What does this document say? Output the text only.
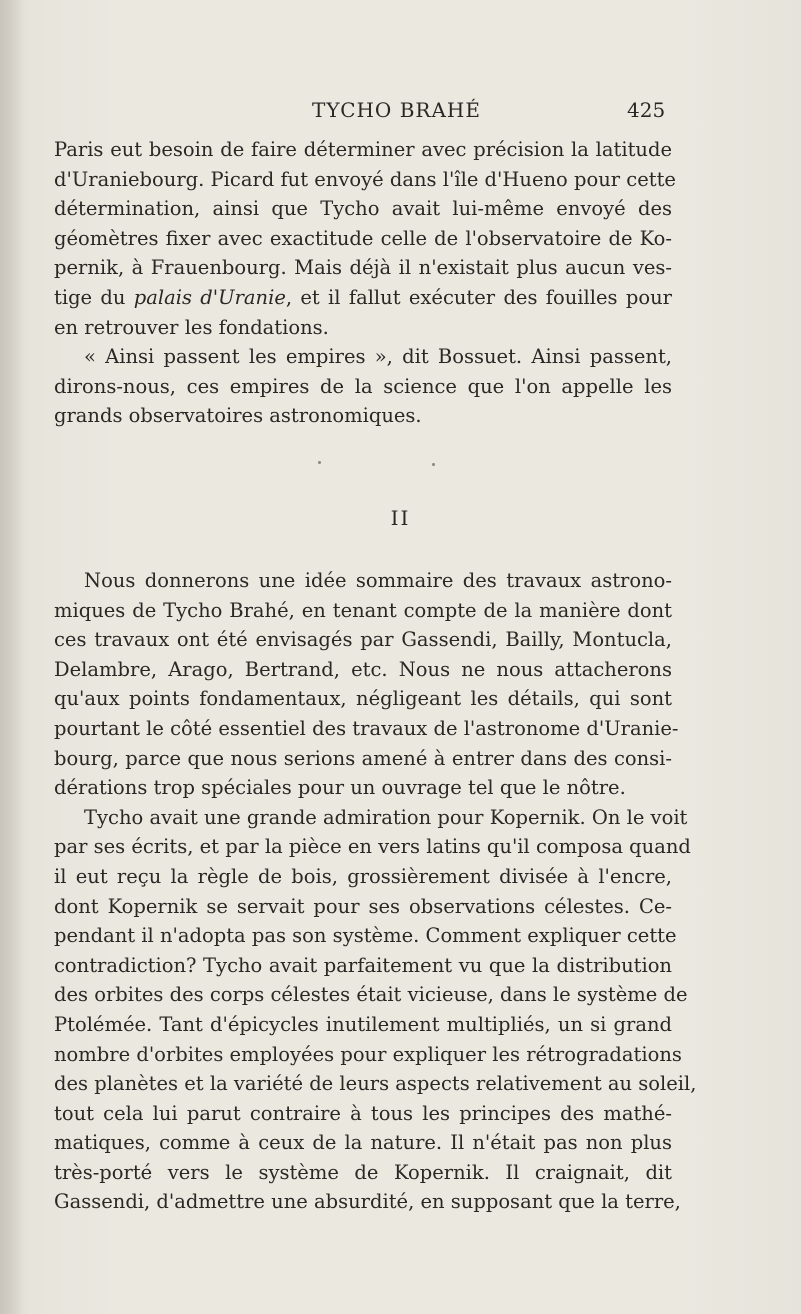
TYCHO BRAHÉ	425
Paris eut besoin de faire déterminer avec précision la latitude
d'Uraniebourg. Picard fut envoyé dans l'île d'Hueno pour cette
détermination, ainsi que Tycho avait lui-même envoyé des
géomètres fixer avec exactitude celle de l'observatoire de Ko-
pernik, à Frauenbourg. Mais déjà il n'existait plus aucun ves-
tige du palais d'Uranie, et il fallut exécuter des fouilles pour
en retrouver les fondations.
« Ainsi passent les empires », dit Bossuet. Ainsi passent,
dirons-nous, ces empires de la science que l'on appelle les
grands observatoires astronomiques.
II
Nous donnerons une idée sommaire des travaux astrono-
miques de Tycho Brahé, en tenant compte de la manière dont
ces travaux ont été envisagés par Gassendi, Bailly, Montucla,
Delambre, Arago, Bertrand, etc. Nous ne nous attacherons
qu'aux points fondamentaux, négligeant les détails, qui sont
pourtant le côté essentiel des travaux de l'astronome d'Uranie-
bourg, parce que nous serions amené à entrer dans des consi-
dérations trop spéciales pour un ouvrage tel que le nôtre.
Tycho avait une grande admiration pour Kopernik. On le voit
par ses écrits, et par la pièce en vers latins qu'il composa quand
il eut reçu la règle de bois, grossièrement divisée à l'encre,
dont Kopernik se servait pour ses observations célestes. Ce-
pendant il n'adopta pas son système. Comment expliquer cette
contradiction? Tycho avait parfaitement vu que la distribution
des orbites des corps célestes était vicieuse, dans le système de
Ptolémée. Tant d'épicycles inutilement multipliés, un si grand
nombre d'orbites employées pour expliquer les rétrogradations
des planètes et la variété de leurs aspects relativement au soleil,
tout cela lui parut contraire à tous les principes des mathé-
matiques, comme à ceux de la nature. Il n'était pas non plus
très-porté vers le système de Kopernik. Il craignait, dit
Gassendi, d'admettre une absurdité, en supposant que la terre,
